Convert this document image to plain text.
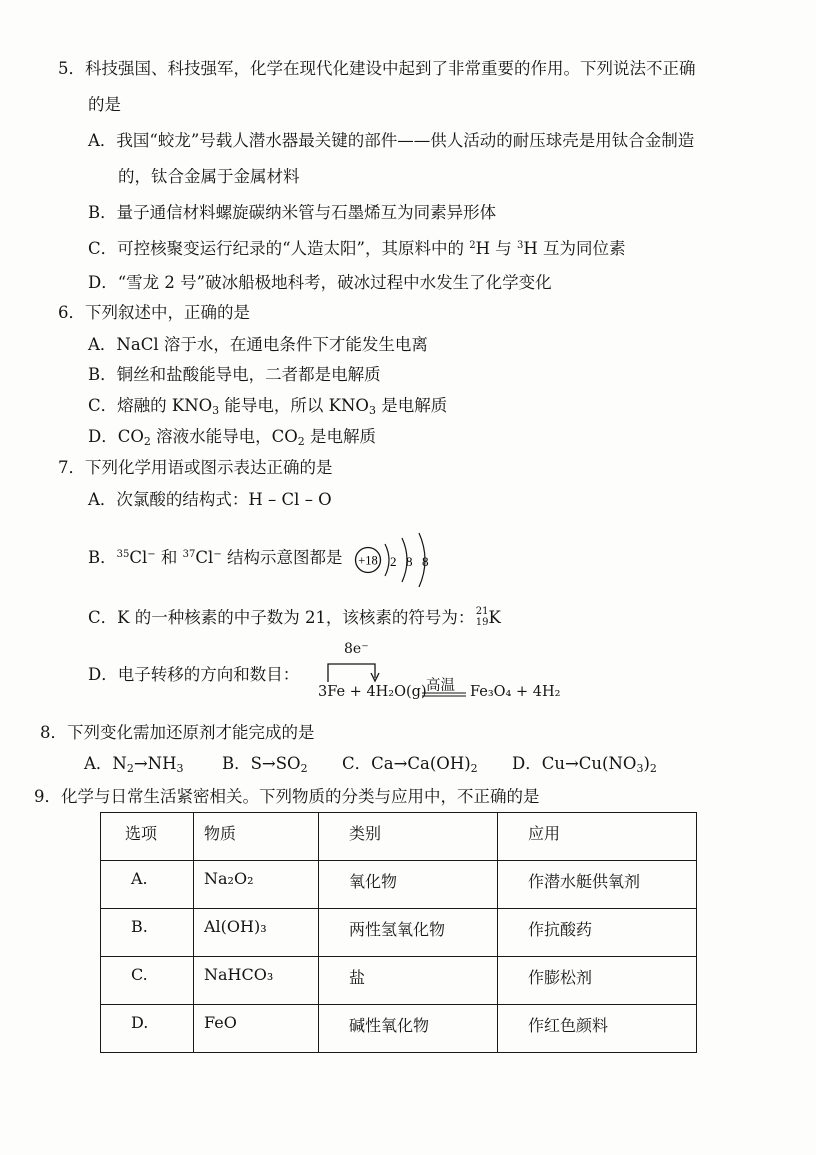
5．科技强国、科技强军，化学在现代化建设中起到了非常重要的作用。下列说法不正确
的是
A．我国“蛟龙”号载人潜水器最关键的部件——供人活动的耐压球壳是用钛合金制造
的，钛合金属于金属材料
B．量子通信材料螺旋碳纳米管与石墨烯互为同素异形体
C．可控核聚变运行纪录的“人造太阳”，其原料中的 $^2$H 与 $^3$H 互为同位素
D．“雪龙 2 号”破冰船极地科考，破冰过程中水发生了化学变化
6．下列叙述中，正确的是
A．NaCl 溶于水，在通电条件下才能发生电离
B．铜丝和盐酸能导电，二者都是电解质
C．熔融的 $KNO_3$ 能导电，所以 $KNO_3$ 是电解质
D．$CO_2$ 溶液水能导电，$CO_2$ 是电解质
7．下列化学用语或图示表达正确的是
A．次氯酸的结构式：H – Cl – O
B．$^{35}$Cl− 和 $^{37}$Cl− 结构示意图都是 +18 2 8 8
C．K 的一种核素的中子数为 21，该核素的符号为： 21
19 K
D．电子转移的方向和数目：
8e⁻
3Fe + 4H₂O(g) 高温 Fe₃O₄ + 4H₂
8．下列变化需加还原剂才能完成的是
A．$N_2\to NH_3$ B．$S\to SO_2$ C．$Ca\to Ca(OH)_2$ D．$Cu\to Cu(NO_3)_2$
9．化学与日常生活紧密相关。下列物质的分类与应用中，不正确的是
选项	物质	类别	应用

A.	Na₂O₂	氧化物	作潜水艇供氧剂

B.	Al(OH)₃	两性氢氧化物	作抗酸药

C.	NaHCO₃	盐	作膨松剂

D.	FeO	碱性氧化物	作红色颜料
